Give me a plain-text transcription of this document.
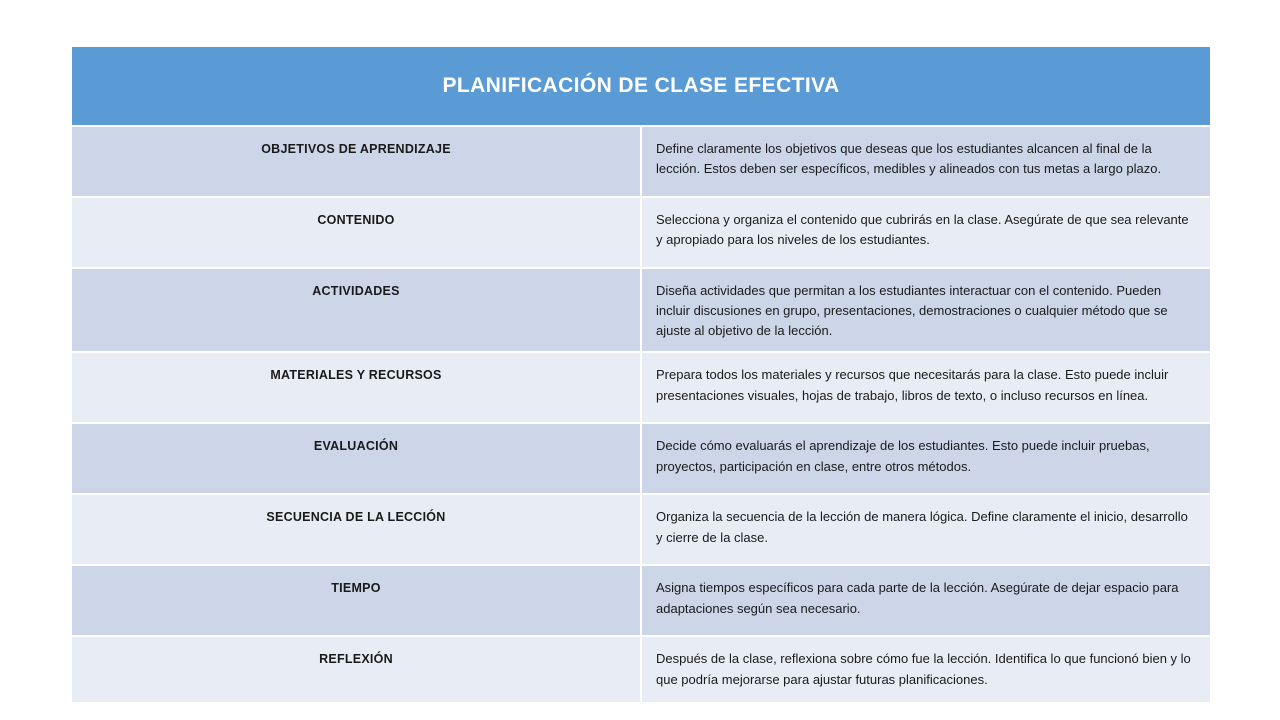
PLANIFICACIÓN DE CLASE EFECTIVA	

OBJETIVOS DE APRENDIZAJE	Define claramente los objetivos que deseas que los estudiantes alcancen al final de la lección. Estos deben ser específicos, medibles y alineados con tus metas a largo plazo.

CONTENIDO	Selecciona y organiza el contenido que cubrirás en la clase. Asegúrate de que sea relevante y apropiado para los niveles de los estudiantes.

ACTIVIDADES	Diseña actividades que permitan a los estudiantes interactuar con el contenido. Pueden incluir discusiones en grupo, presentaciones, demostraciones o cualquier método que se ajuste al objetivo de la lección.

MATERIALES Y RECURSOS	Prepara todos los materiales y recursos que necesitarás para la clase. Esto puede incluir presentaciones visuales, hojas de trabajo, libros de texto, o incluso recursos en línea.

EVALUACIÓN	Decide cómo evaluarás el aprendizaje de los estudiantes. Esto puede incluir pruebas, proyectos, participación en clase, entre otros métodos.

SECUENCIA DE LA LECCIÓN	Organiza la secuencia de la lección de manera lógica. Define claramente el inicio, desarrollo y cierre de la clase.

TIEMPO	Asigna tiempos específicos para cada parte de la lección. Asegúrate de dejar espacio para adaptaciones según sea necesario.

REFLEXIÓN	Después de la clase, reflexiona sobre cómo fue la lección. Identifica lo que funcionó bien y lo que podría mejorarse para ajustar futuras planificaciones.
